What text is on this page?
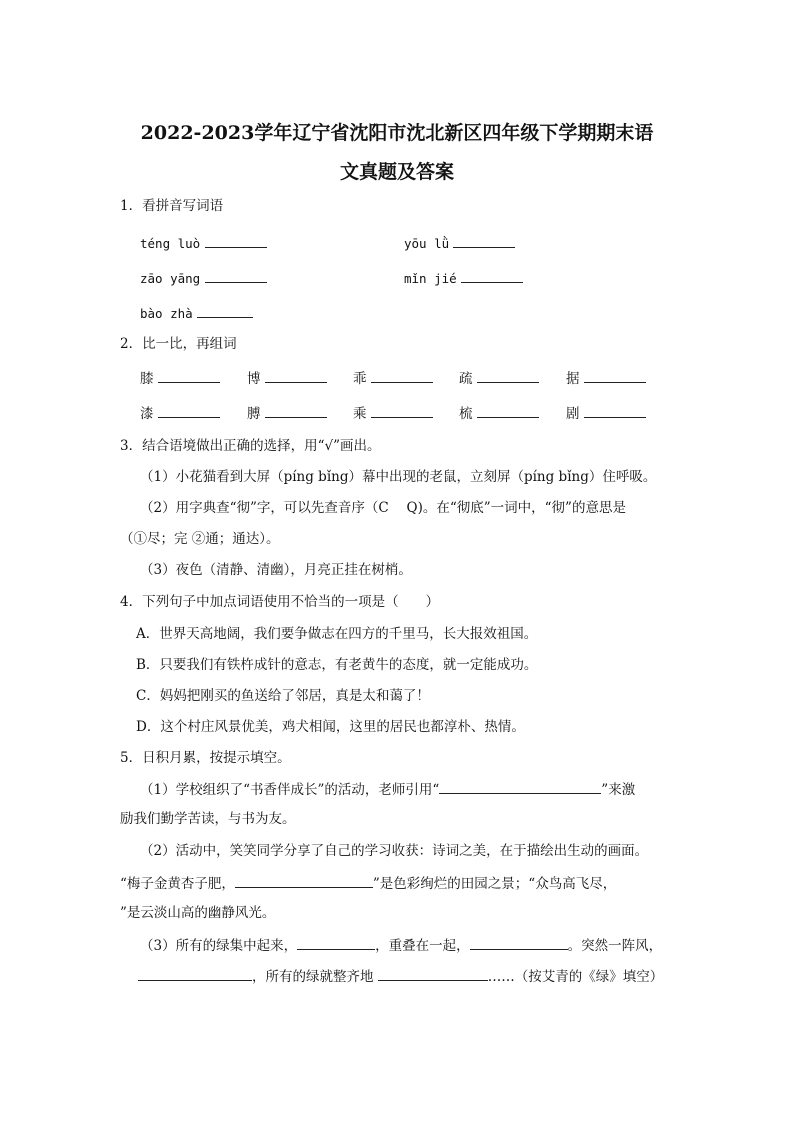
2022-2023学年辽宁省沈阳市沈北新区四年级下学期期末语
文真题及答案
1．看拼音写词语
téng luò	yōu lǜ
zāo yāng	mǐn jié
bào zhà
2．比一比，再组词
膝	博	乖	疏	据
漆	膊	乘	梳	剧
3．结合语境做出正确的选择，用“√”画出。
（1）小花猫看到大屏（píng bǐng）幕中出现的老鼠，立刻屏（píng bǐng）住呼吸。
（2）用字典查“彻”字，可以先查音序（C　 Q)。在“彻底”一词中，“彻”的意思是
（①尽；完 ②通；通达）。
（3）夜色（清静、清幽），月亮正挂在树梢。
4．下列句子中加点词语使用不恰当的一项是（　　）
A．世界天高地阔，我们要争做志在四方的千里马，长大报效祖国。
B．只要我们有铁杵成针的意志，有老黄牛的态度，就一定能成功。
C．妈妈把刚买的鱼送给了邻居，真是太和蔼了！
D．这个村庄风景优美，鸡犬相闻，这里的居民也都淳朴、热情。
5．日积月累，按提示填空。
（1）学校组织了“书香伴成长”的活动，老师引用“	”来激
励我们勤学苦读，与书为友。
（2）活动中，笑笑同学分享了自己的学习收获：诗词之美，在于描绘出生动的画面。
“梅子金黄杏子肥，	”是色彩绚烂的田园之景；“众鸟高飞尽，
”是云淡山高的幽静风光。
（3）所有的绿集中起来，	，重叠在一起，	。突然一阵风，
，所有的绿就整齐地	……（按艾青的《绿》填空）
